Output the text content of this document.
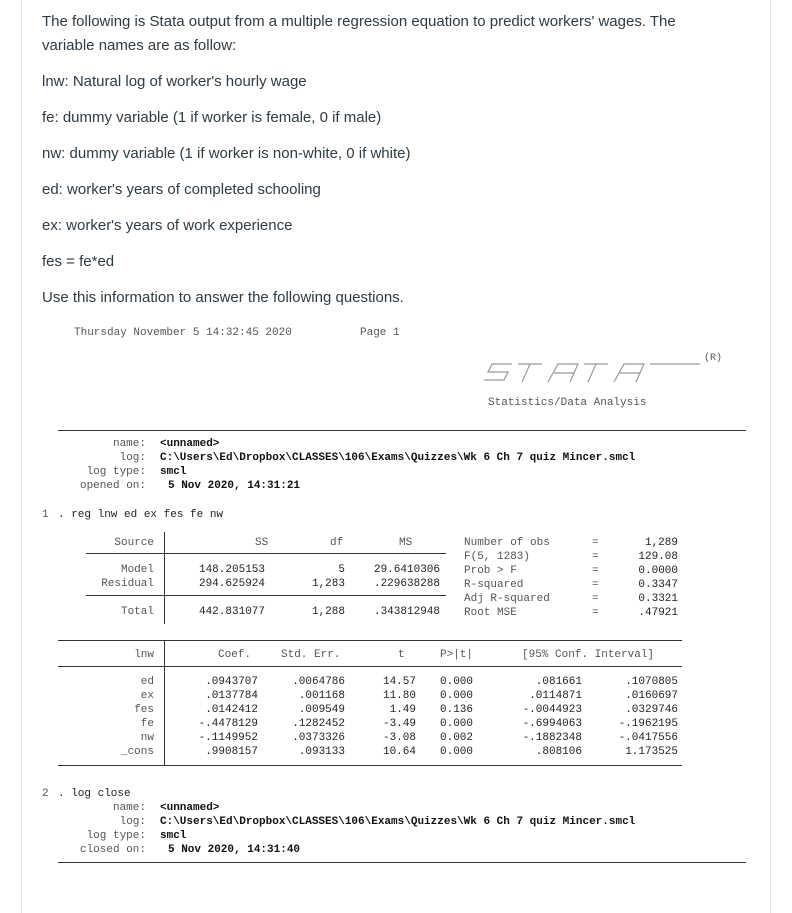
The following is Stata output from a multiple regression equation to predict workers' wages. The variable names are as follow:
lnw: Natural log of worker's hourly wage
fe: dummy variable (1 if worker is female, 0 if male)
nw: dummy variable (1 if worker is non-white, 0 if white)
ed: worker's years of completed schooling
ex: worker's years of work experience
fes = fe*ed
Use this information to answer the following questions.
Thursday November 5 14:32:45 2020	Page 1
(R)
Statistics/Data Analysis
name: <unnamed>
log: C:\Users\Ed\Dropbox\CLASSES\106\Exams\Quizzes\Wk 6 Ch 7 quiz Mincer.smcl
log type: smcl
opened on: 5 Nov 2020, 14:31:21
1 . reg lnw ed ex fes fe nw
Source	SS	df	MS
Model	148.205153	5	29.6410306
Residual	294.625924	1,283	.229638288
Total	442.831077	1,288	.343812948
Number of obs	=	1,289
F(5, 1283)	=	129.08
Prob > F	=	0.0000
R-squared	=	0.3347
Adj R-squared	=	0.3321
Root MSE	=	.47921
lnw	Coef.	Std. Err.	t	P>|t|	[95% Conf. Interval]
ed	.0943707	.0064786	14.57 0.000	.081661	.1070805
ex	.0137784	.001168	11.80 0.000	.0114871	.0160697
fes	.0142412	.009549	1.49 0.136	-.0044923	.0329746
fe	-.4478129	.1282452	-3.49 0.000	-.6994063	-.1962195
nw	-.1149952	.0373326	-3.08 0.002	-.1882348	-.0417556
_cons	.9908157	.093133	10.64 0.000	.808106	1.173525
2 . log close
name: <unnamed>
log: C:\Users\Ed\Dropbox\CLASSES\106\Exams\Quizzes\Wk 6 Ch 7 quiz Mincer.smcl
log type: smcl
closed on: 5 Nov 2020, 14:31:40
